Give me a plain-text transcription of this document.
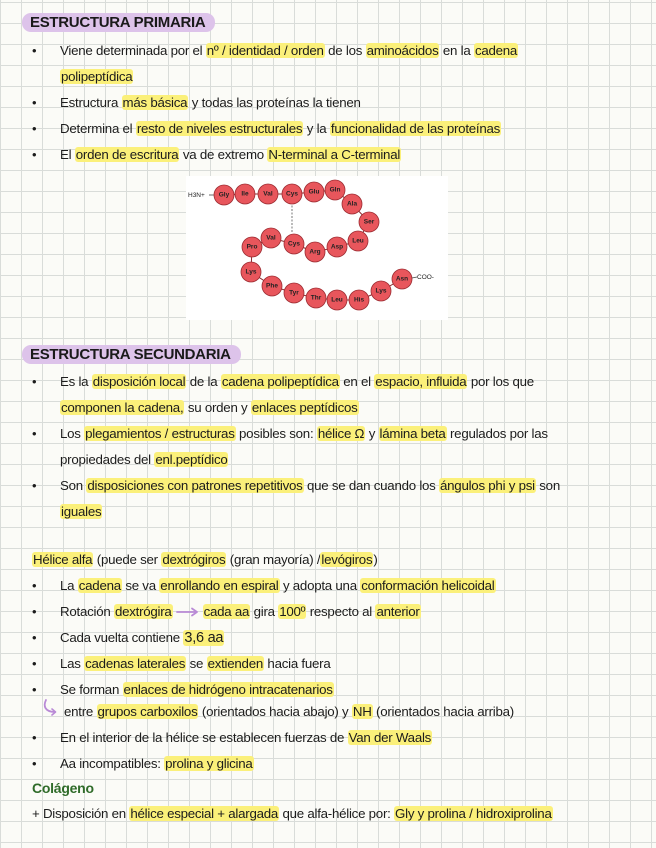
ESTRUCTURA PRIMARIA
• Viene determinada por el nº / identidad / orden de los aminoácidos en la cadena
polipeptídica
• Estructura más básica y todas las proteínas la tienen
• Determina el resto de niveles estructurales y la funcionalidad de las proteínas
• El orden de escritura va de extremo N-terminal a C-terminal
H3N+ Gly Ile Val Cys Glu Gln
Ala
Ser
Leu
Asp
Arg
Cys
Val
Pro
Lys
Phe
Tyr
Thr Leu His
Lys
Asn COO-
ESTRUCTURA SECUNDARIA
• Es la disposición local de la cadena polipeptídica en el espacio, influida por los que
componen la cadena, su orden y enlaces peptídicos
• Los plegamientos / estructuras posibles son: hélice Ω y lámina beta regulados por las
propiedades del enl.peptídico
• Son disposiciones con patrones repetitivos que se dan cuando los ángulos phi y psi son
iguales
Hélice alfa (puede ser dextrógiros (gran mayoría) /levógiros)
• La cadena se va enrollando en espiral y adopta una conformación helicoidal
• Rotación dextrógira cada aa gira 100º respecto al anterior
• Cada vuelta contiene 3,6 aa
• Las cadenas laterales se extienden hacia fuera
• Se forman enlaces de hidrógeno intracatenarios
entre grupos carboxilos (orientados hacia abajo) y NH (orientados hacia arriba)
• En el interior de la hélice se establecen fuerzas de Van der Waals
• Aa incompatibles: prolina y glicina
Colágeno
+ Disposición en hélice especial + alargada que alfa-hélice por: Gly y prolina / hidroxiprolina
